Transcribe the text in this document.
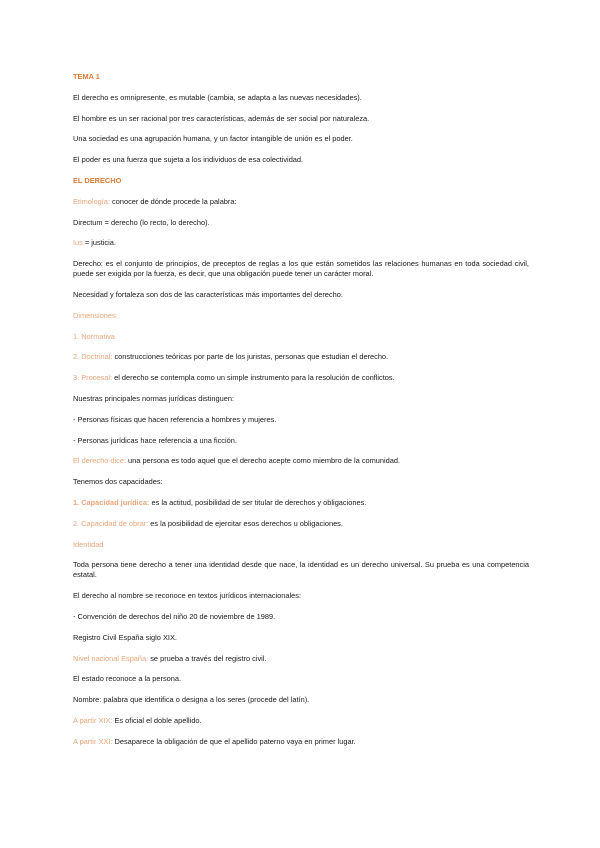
TEMA 1

El derecho es omnipresente, es mutable (cambia, se adapta a las nuevas necesidades).

El hombre es un ser racional por tres características, además de ser social por naturaleza.

Una sociedad es una agrupación humana, y un factor intangible de unión es el poder.

El poder es una fuerza que sujeta a los individuos de esa colectividad.

EL DERECHO

Etimología: conocer de dónde procede la palabra:

Directum = derecho (lo recto, lo derecho).

Ius = justicia.

Derecho: es el conjunto de principios, de preceptos de reglas a los que están sometidos las relaciones humanas en toda sociedad civil, puede ser exigida por la fuerza, es decir, que una obligación puede tener un carácter moral.

Necesidad y fortaleza son dos de las características más importantes del derecho.

Dimensiones:

1. Normativa

2. Doctrinal: construcciones teóricas por parte de los juristas, personas que estudian el derecho.

3. Procesal: el derecho se contempla como un simple instrumento para la resolución de conflictos.

Nuestras principales normas jurídicas distinguen:

- Personas físicas que hacen referencia a hombres y mujeres.

- Personas jurídicas hace referencia a una ficción.

El derecho dice: una persona es todo aquel que el derecho acepte como miembro de la comunidad.

Tenemos dos capacidades:

1. Capacidad jurídica: es la actitud, posibilidad de ser titular de derechos y obligaciones.

2. Capacidad de obrar: es la posibilidad de ejercitar esos derechos u obligaciones.

Identidad

Toda persona tiene derecho a tener una identidad desde que nace, la identidad es un derecho universal. Su prueba es una competencia estatal.

El derecho al nombre se reconoce en textos jurídicos internacionales:

- Convención de derechos del niño 20 de noviembre de 1989.

Registro Civil España siglo XIX.

Nivel nacional España: se prueba a través del registro civil.

El estado reconoce a la persona.

Nombre: palabra que identifica o designa a los seres (procede del latín).

A partir XIX: Es oficial el doble apellido.

A partir XXI: Desaparece la obligación de que el apellido paterno vaya en primer lugar.
